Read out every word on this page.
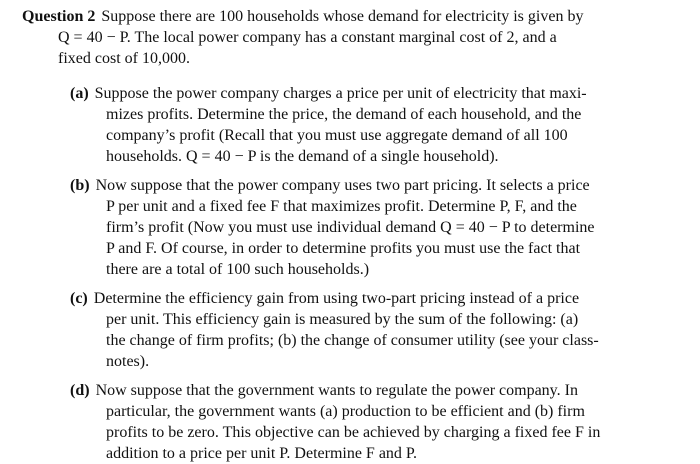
Question 2 Suppose there are 100 households whose demand for electricity is given by
Q = 40 − P. The local power company has a constant marginal cost of 2, and a
fixed cost of 10,000.
(a) Suppose the power company charges a price per unit of electricity that maxi-
mizes profits. Determine the price, the demand of each household, and the
company’s profit (Recall that you must use aggregate demand of all 100
households. Q = 40 − P is the demand of a single household).
(b) Now suppose that the power company uses two part pricing. It selects a price
P per unit and a fixed fee F that maximizes profit. Determine P, F, and the
firm’s profit (Now you must use individual demand Q = 40 − P to determine
P and F. Of course, in order to determine profits you must use the fact that
there are a total of 100 such households.)
(c) Determine the efficiency gain from using two-part pricing instead of a price
per unit. This efficiency gain is measured by the sum of the following: (a)
the change of firm profits; (b) the change of consumer utility (see your class-
notes).
(d) Now suppose that the government wants to regulate the power company. In
particular, the government wants (a) production to be efficient and (b) firm
profits to be zero. This objective can be achieved by charging a fixed fee F in
addition to a price per unit P. Determine F and P.
